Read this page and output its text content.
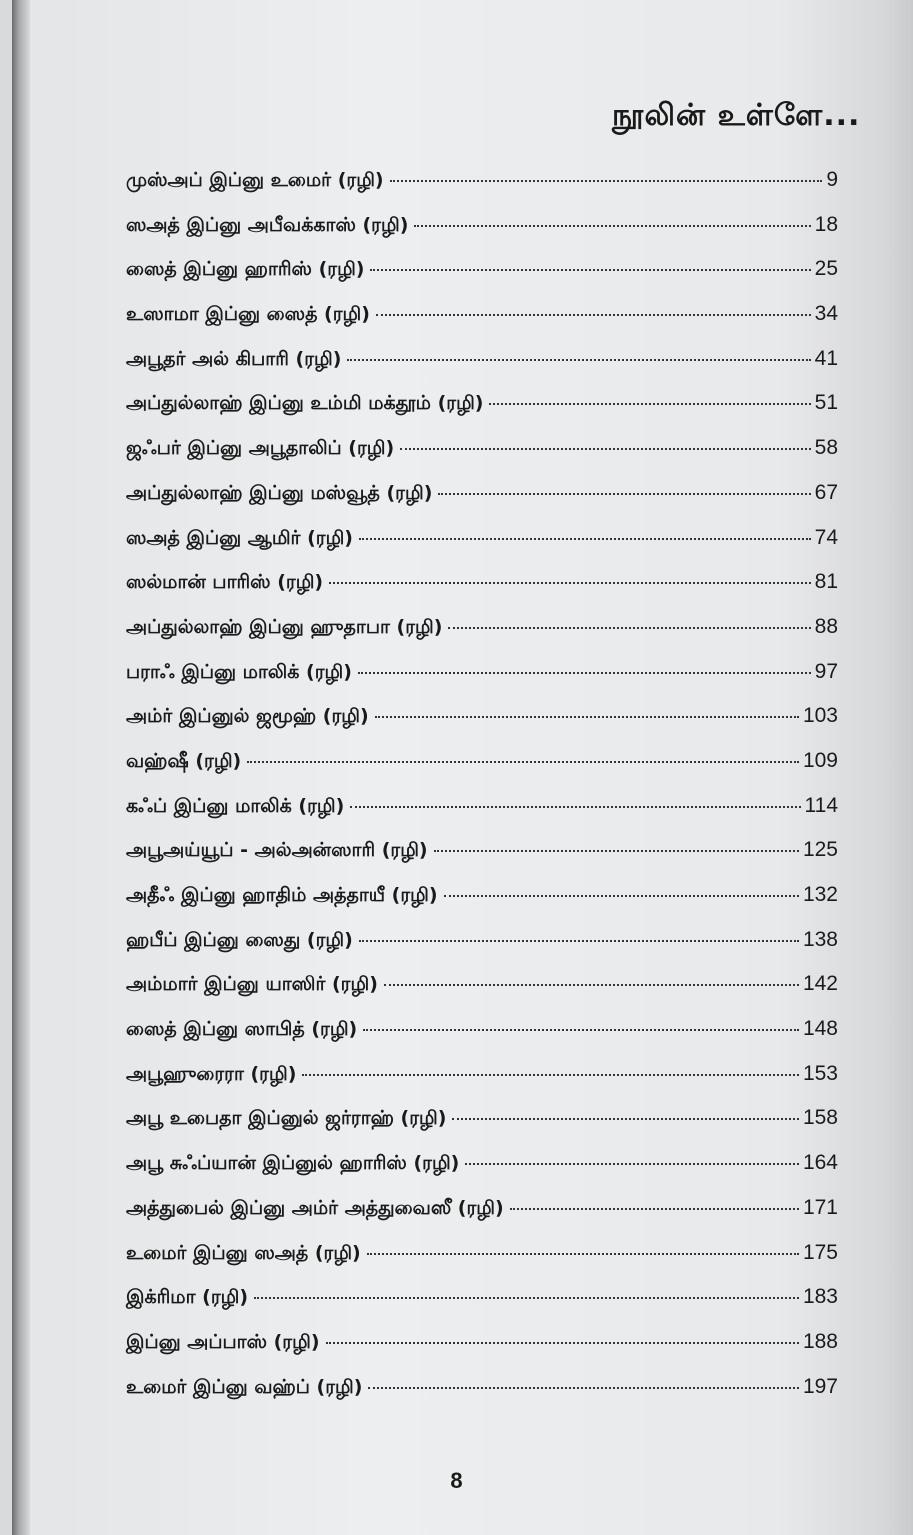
நூலின் உள்ளே...
முஸ்அப் இப்னு உமைர் (ரழி)	9
ஸஅத் இப்னு அபீவக்காஸ் (ரழி)	18
ஸைத் இப்னு ஹாரிஸ் (ரழி)	25
உஸாமா இப்னு ஸைத் (ரழி)	34
அபூதர் அல் கிபாரி (ரழி)	41
அப்துல்லாஹ் இப்னு உம்மி மக்தூம் (ரழி)	51
ஜஃபர் இப்னு அபூதாலிப் (ரழி)	58
அப்துல்லாஹ் இப்னு மஸ்வூத் (ரழி)	67
ஸஅத் இப்னு ஆமிர் (ரழி)	74
ஸல்மான் பாரிஸ் (ரழி)	81
அப்துல்லாஹ் இப்னு ஹுதாபா (ரழி)	88
பராஃ இப்னு மாலிக் (ரழி)	97
அம்ர் இப்னுல் ஜமூஹ் (ரழி)	103
வஹ்ஷீ (ரழி)	109
கஃப் இப்னு மாலிக் (ரழி)	114
அபூஅய்யூப் - அல்அன்ஸாரி (ரழி)	125
அதீஃ இப்னு ஹாதிம் அத்தாயீ (ரழி)	132
ஹபீப் இப்னு ஸைது (ரழி)	138
அம்மார் இப்னு யாஸிர் (ரழி)	142
ஸைத் இப்னு ஸாபித் (ரழி)	148
அபூஹுரைரா (ரழி)	153
அபூ உபைதா இப்னுல் ஜர்ராஹ் (ரழி)	158
அபூ சுஃப்யான் இப்னுல் ஹாரிஸ் (ரழி)	164
அத்துபைல் இப்னு அம்ர் அத்துவைஸீ (ரழி)	171
உமைர் இப்னு ஸஅத் (ரழி)	175
இக்ரிமா (ரழி)	183
இப்னு அப்பாஸ் (ரழி)	188
உமைர் இப்னு வஹ்ப் (ரழி)	197
8
